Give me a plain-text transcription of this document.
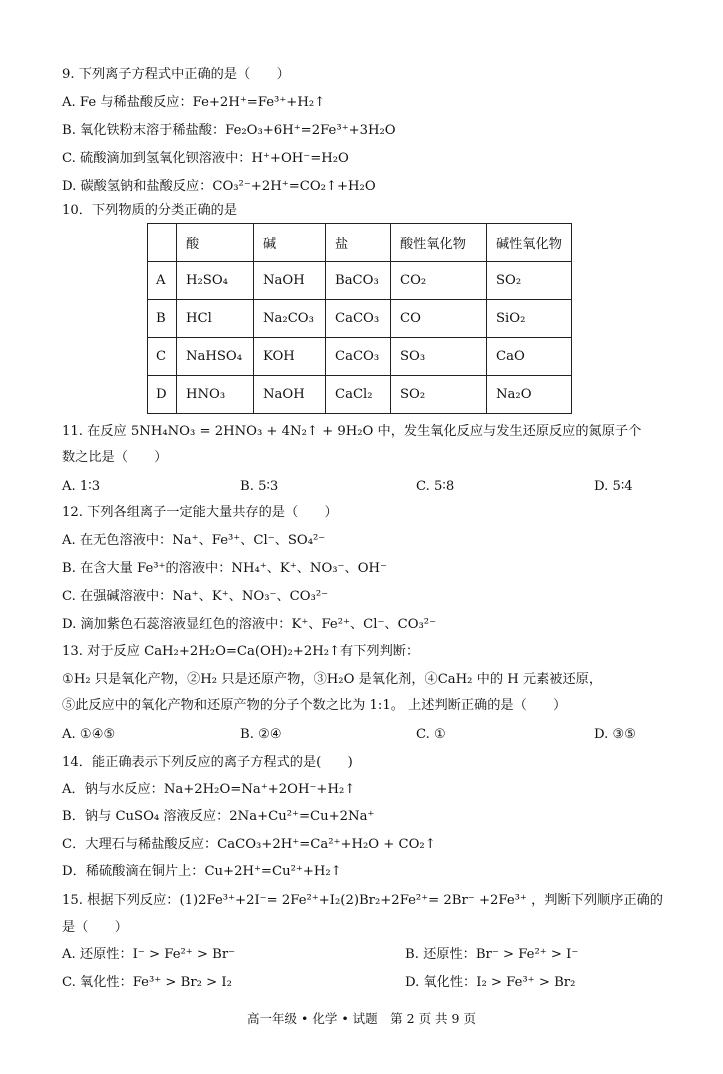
9. 下列离子方程式中正确的是（　　）
A. Fe 与稀盐酸反应：Fe+2H⁺=Fe³⁺+H₂↑
B. 氧化铁粉末溶于稀盐酸：Fe₂O₃+6H⁺=2Fe³⁺+3H₂O
C. 硫酸滴加到氢氧化钡溶液中：H⁺+OH⁻=H₂O
D. 碳酸氢钠和盐酸反应：CO₃²⁻+2H⁺=CO₂↑+H₂O
10．下列物质的分类正确的是
	酸	碱	盐	酸性氧化物	碱性氧化物
A	H₂SO₄	NaOH	BaCO₃	CO₂	SO₂
B	HCl	Na₂CO₃	CaCO₃	CO	SiO₂
C	NaHSO₄	KOH	CaCO₃	SO₃	CaO
D	HNO₃	NaOH	CaCl₂	SO₂	Na₂O
11. 在反应 5NH₄NO₃ = 2HNO₃ + 4N₂↑ + 9H₂O 中，发生氧化反应与发生还原反应的氮原子个
数之比是（　　）
A. 1∶3	B. 5∶3	C. 5∶8	D. 5∶4
12. 下列各组离子一定能大量共存的是（　　）
A. 在无色溶液中：Na⁺、Fe³⁺、Cl⁻、SO₄²⁻
B. 在含大量 Fe³⁺的溶液中：NH₄⁺、K⁺、NO₃⁻、OH⁻
C. 在强碱溶液中：Na⁺、K⁺、NO₃⁻、CO₃²⁻
D. 滴加紫色石蕊溶液显红色的溶液中：K⁺、Fe²⁺、Cl⁻、CO₃²⁻
13. 对于反应 CaH₂+2H₂O=Ca(OH)₂+2H₂↑有下列判断：
①H₂ 只是氧化产物，②H₂ 只是还原产物，③H₂O 是氧化剂，④CaH₂ 中的 H 元素被还原，
⑤此反应中的氧化产物和还原产物的分子个数之比为 1:1。 上述判断正确的是（　　）
A. ①④⑤	B. ②④	C. ①	D. ③⑤
14．能正确表示下列反应的离子方程式的是(　　)
A．钠与水反应：Na+2H₂O=Na⁺+2OH⁻+H₂↑
B．钠与 CuSO₄ 溶液反应：2Na+Cu²⁺=Cu+2Na⁺
C．大理石与稀盐酸反应：CaCO₃+2H⁺=Ca²⁺+H₂O + CO₂↑
D．稀硫酸滴在铜片上：Cu+2H⁺=Cu²⁺+H₂↑
15. 根据下列反应：(1)2Fe³⁺+2I⁻= 2Fe²⁺+I₂(2)Br₂+2Fe²⁺= 2Br⁻ +2Fe³⁺ ，判断下列顺序正确的
是（　　）
A. 还原性：I⁻ > Fe²⁺ > Br⁻	B. 还原性：Br⁻ > Fe²⁺ > I⁻
C. 氧化性：Fe³⁺ > Br₂ > I₂	D. 氧化性：I₂ > Fe³⁺ > Br₂
高一年级 • 化学 • 试题　第 2 页 共 9 页
